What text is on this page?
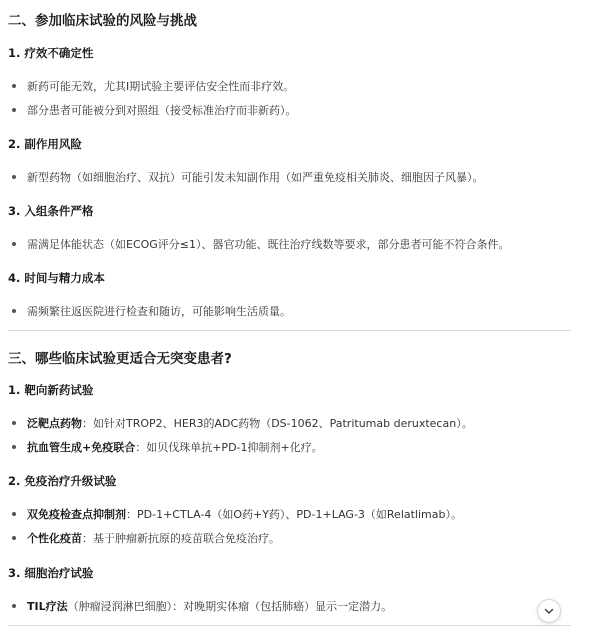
二、参加临床试验的风险与挑战
1. 疗效不确定性
新药可能无效，尤其I期试验主要评估安全性而非疗效。
部分患者可能被分到对照组（接受标准治疗而非新药）。
2. 副作用风险
新型药物（如细胞治疗、双抗）可能引发未知副作用（如严重免疫相关肺炎、细胞因子风暴）。
3. 入组条件严格
需满足体能状态（如ECOG评分≤1）、器官功能、既往治疗线数等要求，部分患者可能不符合条件。
4. 时间与精力成本
需频繁往返医院进行检查和随访，可能影响生活质量。
三、哪些临床试验更适合无突变患者?
1. 靶向新药试验
泛靶点药物：如针对TROP2、HER3的ADC药物（DS-1062、Patritumab deruxtecan）。
抗血管生成+免疫联合：如贝伐珠单抗+PD-1抑制剂+化疗。
2. 免疫治疗升级试验
双免疫检查点抑制剂：PD-1+CTLA-4（如O药+Y药）、PD-1+LAG-3（如Relatlimab）。
个性化疫苗：基于肿瘤新抗原的疫苗联合免疫治疗。
3. 细胞治疗试验
TIL疗法（肿瘤浸润淋巴细胞）：对晚期实体瘤（包括肺癌）显示一定潜力。
